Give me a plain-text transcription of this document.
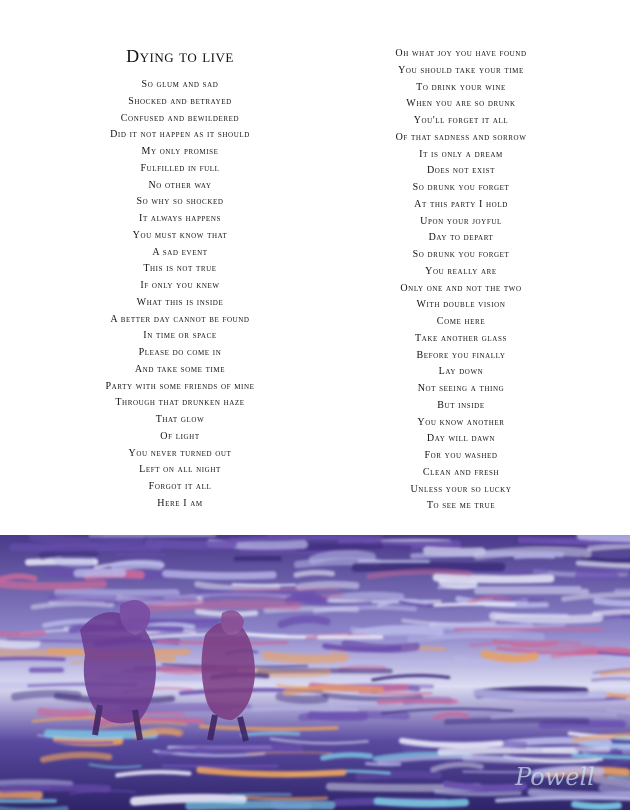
Dying to live
So glum and sad
Shocked and betrayed
Confused and bewildered
Did it not happen as it should
My only promise
Fulfilled in full
No other way
So why so shocked
It always happens
You must know that
A sad event
This is not true
If only you knew
What this is inside
A better day cannot be found
In time or space
Please do come in
And take some time
Party with some friends of mine
Through that drunken haze
That glow
Of light
You never turned out
Left on all night
Forgot it all
Here I am
Oh what joy you have found
You should take your time
To drink your wine
When you are so drunk
You'll forget it all
Of that sadness and sorrow
It is only a dream
Does not exist
So drunk you forget
At this party I hold
Upon your joyful
Day to depart
So drunk you forget
You really are
Only one and not the two
With double vision
Come here
Take another glass
Before you finally
Lay down
Not seeing a thing
But inside
You know another
Day will dawn
For you washed
Clean and fresh
Unless your so lucky
To see me true
Powell
